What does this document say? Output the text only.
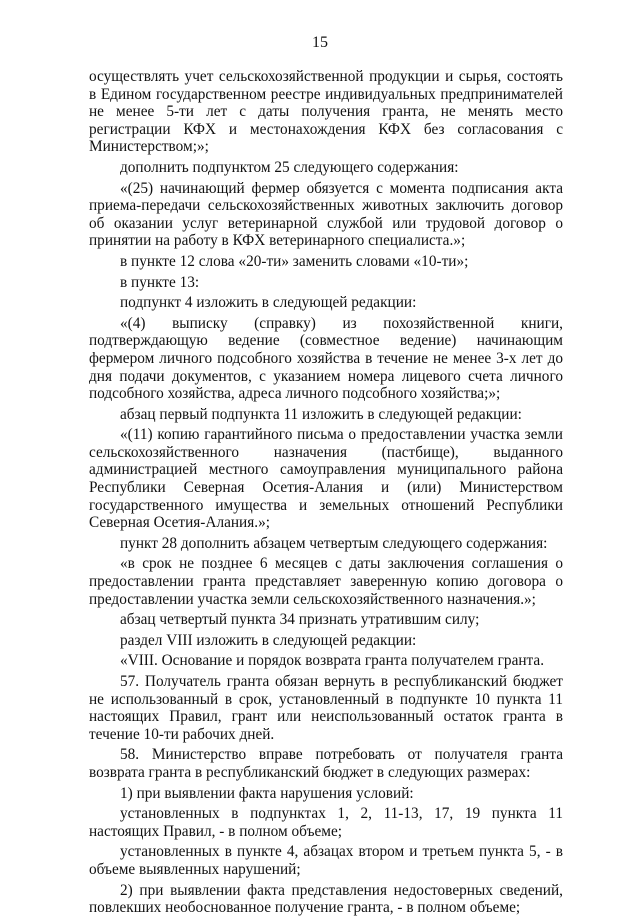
15

осуществлять учет сельскохозяйственной продукции и сырья, состоять в Едином государственном реестре индивидуальных предпринимателей не менее 5-ти лет с даты получения гранта, не менять место регистрации КФХ и местонахождения КФХ без согласования с Министерством;»;

дополнить подпунктом 25 следующего содержания:

«(25) начинающий фермер обязуется с момента подписания акта приема-передачи сельскохозяйственных животных заключить договор об оказании услуг ветеринарной службой или трудовой договор о принятии на работу в КФХ ветеринарного специалиста.»;

в пункте 12 слова «20-ти» заменить словами «10-ти»;

в пункте 13:

подпункт 4 изложить в следующей редакции:

«(4) выписку (справку) из похозяйственной книги, подтверждающую ведение (совместное ведение) начинающим фермером личного подсобного хозяйства в течение не менее 3-х лет до дня подачи документов, с указанием номера лицевого счета личного подсобного хозяйства, адреса личного подсобного хозяйства;»;

абзац первый подпункта 11 изложить в следующей редакции:

«(11) копию гарантийного письма о предоставлении участка земли сельскохозяйственного назначения (пастбище), выданного администрацией местного самоуправления муниципального района Республики Северная Осетия-Алания и (или) Министерством государственного имущества и земельных отношений Республики Северная Осетия-Алания.»;

пункт 28 дополнить абзацем четвертым следующего содержания:

«в срок не позднее 6 месяцев с даты заключения соглашения о предоставлении гранта представляет заверенную копию договора о предоставлении участка земли сельскохозяйственного назначения.»;

абзац четвертый пункта 34 признать утратившим силу;

раздел VIII изложить в следующей редакции:

«VIII. Основание и порядок возврата гранта получателем гранта.

57. Получатель гранта обязан вернуть в республиканский бюджет не использованный в срок, установленный в подпункте 10 пункта 11 настоящих Правил, грант или неиспользованный остаток гранта в течение 10-ти рабочих дней.

58. Министерство вправе потребовать от получателя гранта возврата гранта в республиканский бюджет в следующих размерах:

1) при выявлении факта нарушения условий:

установленных в подпунктах 1, 2, 11-13, 17, 19 пункта 11 настоящих Правил, - в полном объеме;

установленных в пункте 4, абзацах втором и третьем пункта 5, - в объеме выявленных нарушений;

2) при выявлении факта представления недостоверных сведений, повлекших необоснованное получение гранта, - в полном объеме;
